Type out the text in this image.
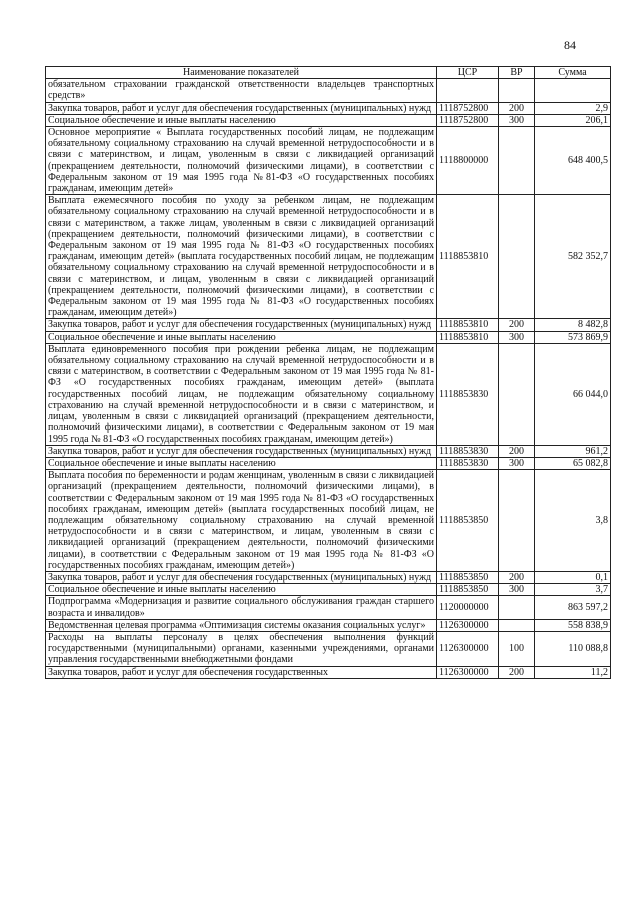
84
Наименование показателей	ЦСР	ВР	Сумма
обязательном страховании гражданской ответственности владельцев транспортных средств»			
Закупка товаров, работ и услуг для обеспечения государственных (муниципальных) нужд	1118752800	200	2,9
Социальное обеспечение и иные выплаты населению	1118752800	300	206,1
Основное мероприятие « Выплата государственных пособий лицам, не подлежащим обязательному социальному страхованию на случай временной нетрудоспособности и в связи с материнством, и лицам, уволенным в связи с ликвидацией организаций (прекращением деятельности, полномочий физическими лицами), в соответствии с Федеральным законом от 19 мая 1995 года №81-ФЗ «О государственных пособиях гражданам, имеющим детей»	1118800000		648 400,5
Выплата ежемесячного пособия по уходу за ребенком лицам, не подлежащим обязательному социальному страхованию на случай временной нетрудоспособности и в связи с материнством, а также лицам, уволенным в связи с ликвидацией организаций (прекращением деятельности, полномочий физическими лицами), в соответствии с Федеральным законом от 19 мая 1995 года № 81-ФЗ «О государственных пособиях гражданам, имеющим детей» (выплата государственных пособий лицам, не подлежащим обязательному социальному страхованию на случай временной нетрудоспособности и в связи с материнством, и лицам, уволенным в связи с ликвидацией организаций (прекращением деятельности, полномочий физическими лицами), в соответствии с Федеральным законом от 19 мая 1995 года № 81-ФЗ «О государственных пособиях гражданам, имеющим детей»)	1118853810		582 352,7
Закупка товаров, работ и услуг для обеспечения государственных (муниципальных) нужд	1118853810	200	8 482,8
Социальное обеспечение и иные выплаты населению	1118853810	300	573 869,9
Выплата единовременного пособия при рождении ребенка лицам, не подлежащим обязательному социальному страхованию на случай временной нетрудоспособности и в связи с материнством, в соответствии с Федеральным законом от 19 мая 1995 года № 81-ФЗ «О государственных пособиях гражданам, имеющим детей» (выплата государственных пособий лицам, не подлежащим обязательному социальному страхованию на случай временной нетрудоспособности и в связи с материнством, и лицам, уволенным в связи с ликвидацией организаций (прекращением деятельности, полномочий физическими лицами), в соответствии с Федеральным законом от 19 мая 1995 года № 81-ФЗ «О государственных пособиях гражданам, имеющим детей»)	1118853830		66 044,0
Закупка товаров, работ и услуг для обеспечения государственных (муниципальных) нужд	1118853830	200	961,2
Социальное обеспечение и иные выплаты населению	1118853830	300	65 082,8
Выплата пособия по беременности и родам женщинам, уволенным в связи с ликвидацией организаций (прекращением деятельности, полномочий физическими лицами), в соответствии с Федеральным законом от 19 мая 1995 года № 81-ФЗ «О государственных пособиях гражданам, имеющим детей» (выплата государственных пособий лицам, не подлежащим обязательному социальному страхованию на случай временной нетрудоспособности и в связи с материнством, и лицам, уволенным в связи с ликвидацией организаций (прекращением деятельности, полномочий физическими лицами), в соответствии с Федеральным законом от 19 мая 1995 года № 81-ФЗ «О государственных пособиях гражданам, имеющим детей»)	1118853850		3,8
Закупка товаров, работ и услуг для обеспечения государственных (муниципальных) нужд	1118853850	200	0,1
Социальное обеспечение и иные выплаты населению	1118853850	300	3,7
Подпрограмма «Модернизация и развитие социального обслуживания граждан старшего возраста и инвалидов»	1120000000		863 597,2
Ведомственная целевая программа «Оптимизация системы оказания социальных услуг»	1126300000		558 838,9
Расходы на выплаты персоналу в целях обеспечения выполнения функций государственными (муниципальными) органами, казенными учреждениями, органами управления государственными внебюджетными фондами	1126300000	100	110 088,8
Закупка товаров, работ и услуг для обеспечения государственных	1126300000	200	11,2
